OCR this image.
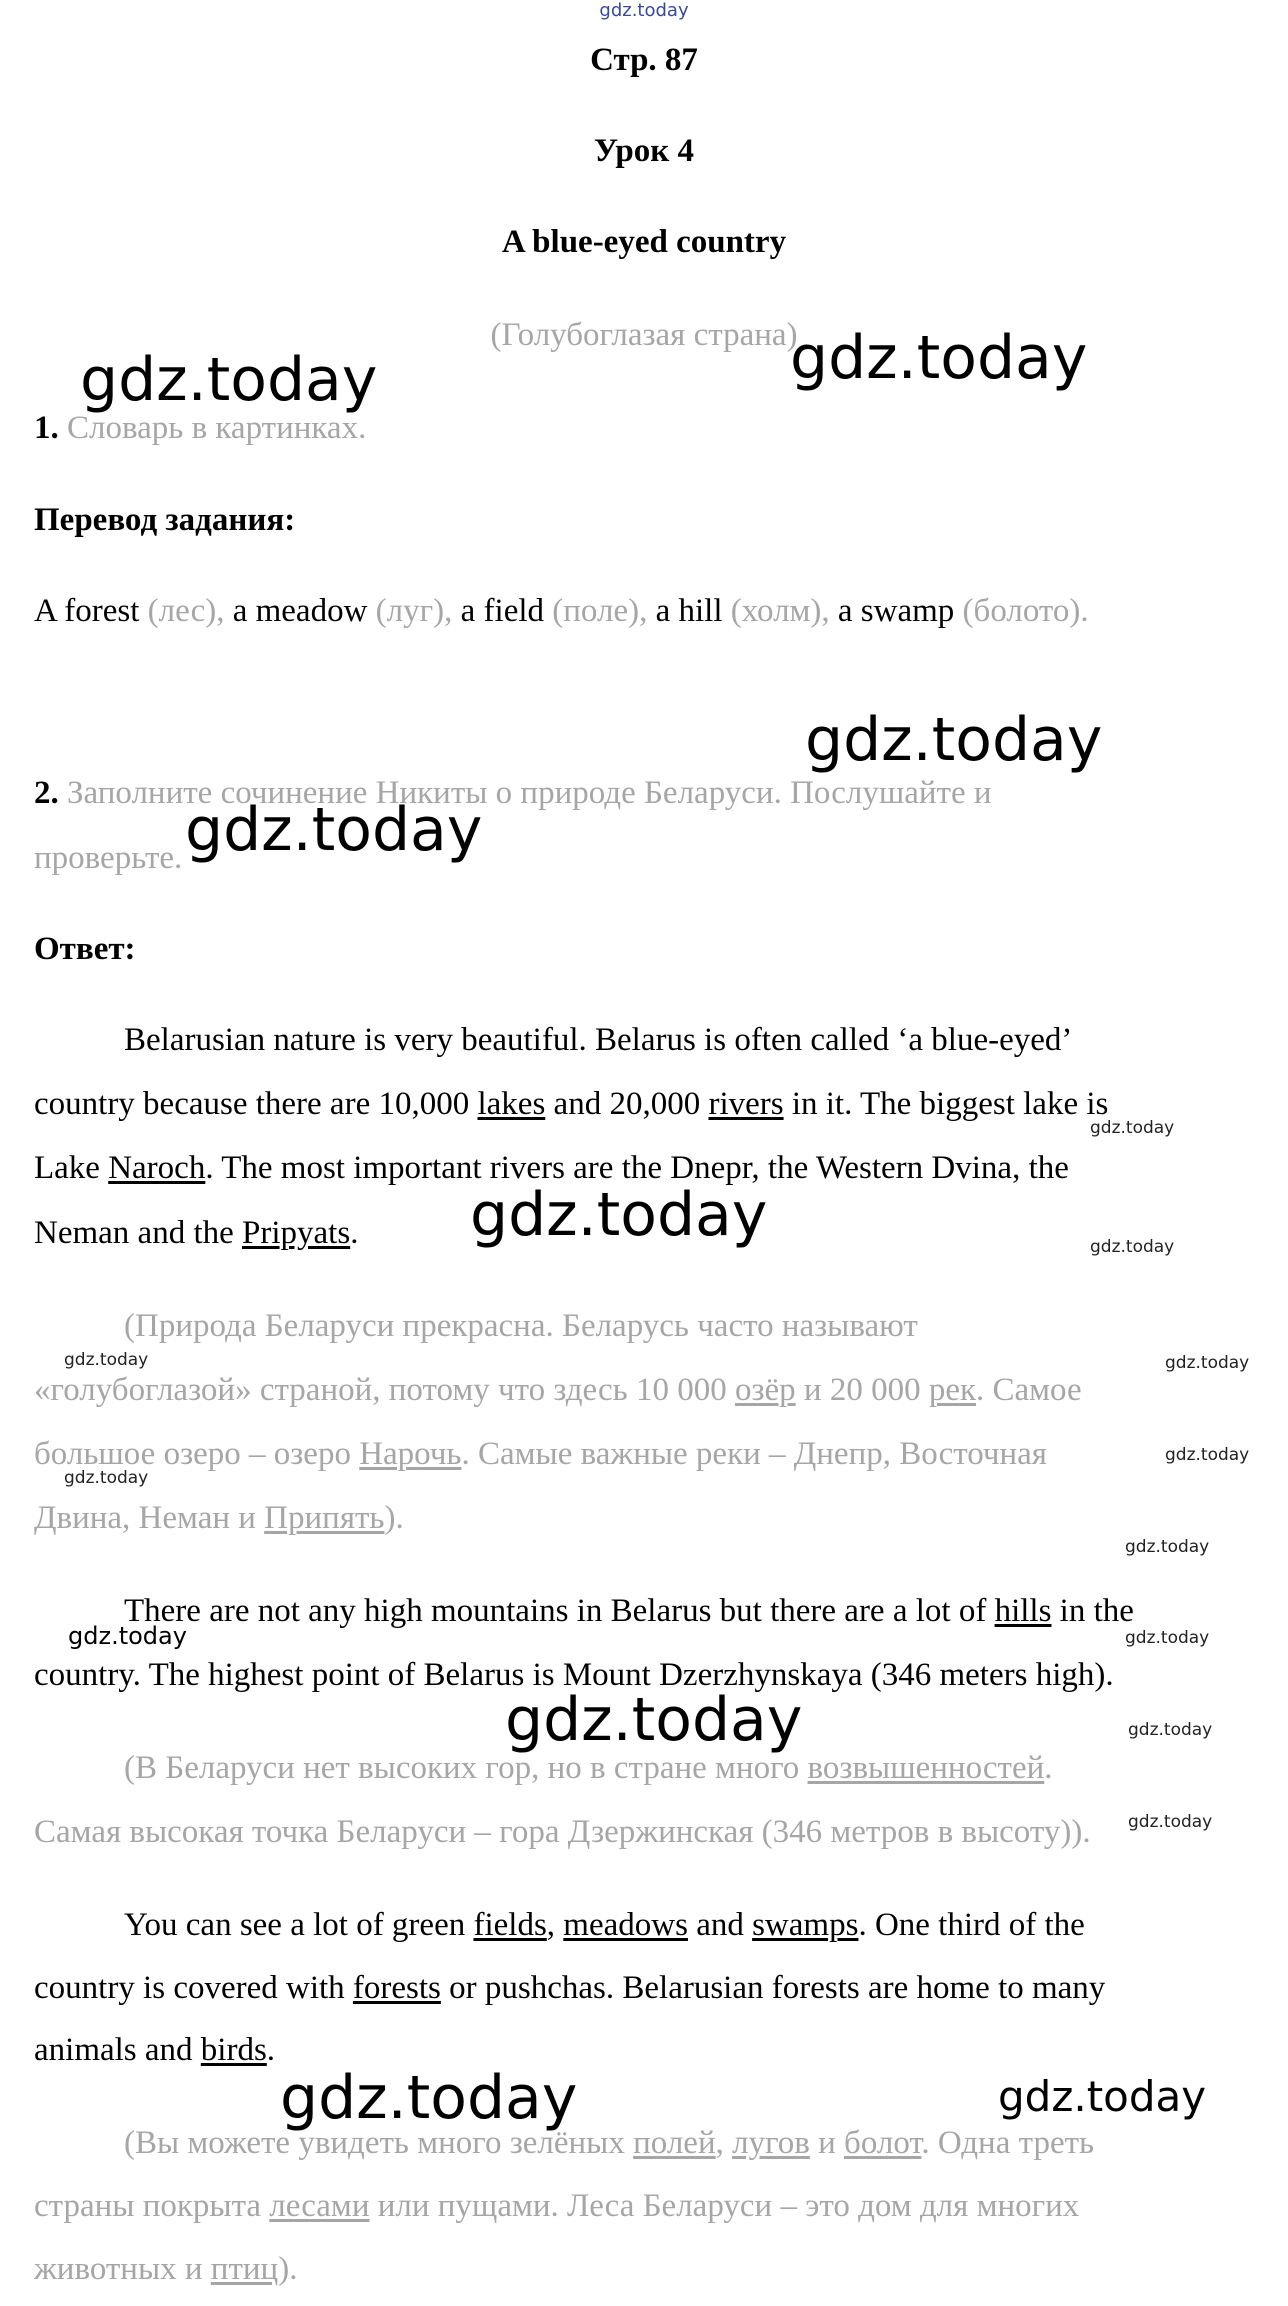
gdz.today
Стр. 87
Урок 4
A blue-eyed country
(Голубоглазая страна)
1. Словарь в картинках.
Перевод задания:
A forest (лес), a meadow (луг), a field (поле), a hill (холм), a swamp (болото).
2. Заполните сочинение Никиты о природе Беларуси. Послушайте и
проверьте.
Ответ:
Belarusian nature is very beautiful. Belarus is often called ‘a blue-eyed’
country because there are 10,000 lakes and 20,000 rivers in it. The biggest lake is
Lake Naroch. The most important rivers are the Dnepr, the Western Dvina, the
Neman and the Pripyats.
(Природа Беларуси прекрасна. Беларусь часто называют
«голубоглазой» страной, потому что здесь 10 000 озёр и 20 000 рек. Самое
большое озеро – озеро Нарочь. Самые важные реки – Днепр, Восточная
Двина, Неман и Припять).
There are not any high mountains in Belarus but there are a lot of hills in the
country. The highest point of Belarus is Mount Dzerzhynskaya (346 meters high).
(В Беларуси нет высоких гор, но в стране много возвышенностей.
Самая высокая точка Беларуси – гора Дзержинская (346 метров в высоту)).
You can see a lot of green fields, meadows and swamps. One third of the
country is covered with forests or pushchas. Belarusian forests are home to many
animals and birds.
(Вы можете увидеть много зелёных полей, лугов и болот. Одна треть
страны покрыта лесами или пущами. Леса Беларуси – это дом для многих
животных и птиц).
gdz.today	gdz.today
gdz.today
gdz.today
gdz.today
gdz.today
gdz.today	gdz.today
gdz.today
gdz.today
gdz.today	gdz.today
gdz.today
gdz.today
gdz.today
gdz.today	gdz.today
gdz.today
gdz.today
